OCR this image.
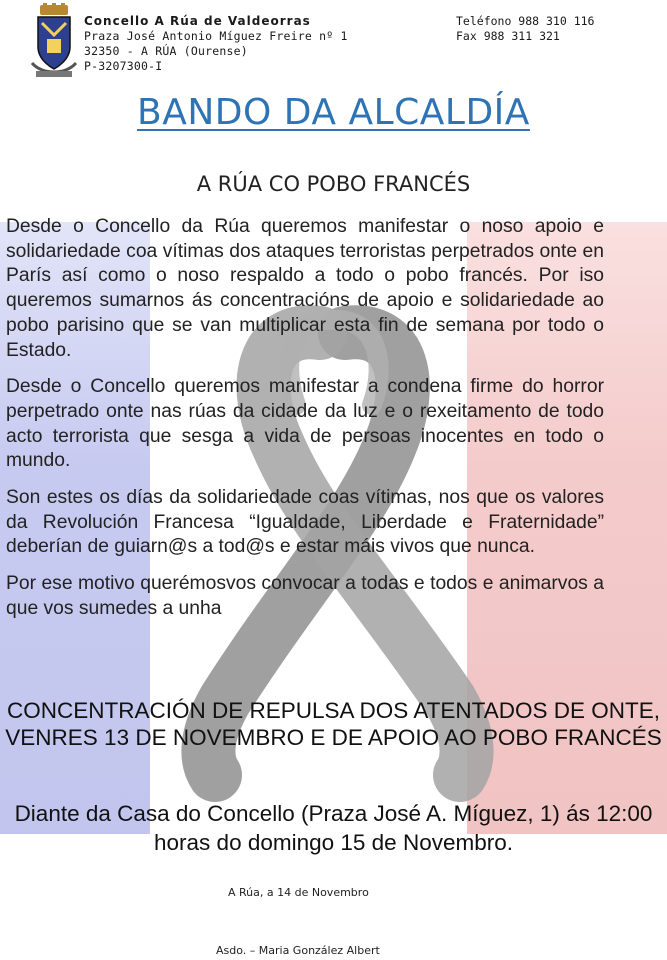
Concello A Rúa de Valdeorras
Praza José Antonio Míguez Freire nº 1
32350 - A RÚA (Ourense)
P-3207300-I
Teléfono 988 310 116
Fax 988 311 321
BANDO DA ALCALDÍA
A RÚA CO POBO FRANCÉS

Desde o Concello da Rúa queremos manifestar o noso apoio e solidariedade coa vítimas dos ataques terroristas perpetrados onte en París así como o noso respaldo a todo o pobo francés. Por iso queremos sumarnos ás concentracións de apoio e solidariedade ao pobo parisino que se van multiplicar esta fin de semana por todo o Estado.

Desde o Concello queremos manifestar a condena firme do horror perpetrado onte nas rúas da cidade da luz e o rexeitamento de todo acto terrorista que sesga a vida de persoas inocentes en todo o mundo.

Son estes os días da solidariedade coas vítimas, nos que os valores da Revolución Francesa “Igualdade, Liberdade e Fraternidade” deberían de guiarn@s a tod@s e estar máis vivos que nunca.

Por ese motivo querémosvos convocar a todas e todos e animarvos a que vos sumedes a unha

CONCENTRACIÓN DE REPULSA DOS ATENTADOS DE ONTE, VENRES 13 DE NOVEMBRO E DE APOIO AO POBO FRANCÉS
Diante da Casa do Concello (Praza José A. Míguez, 1) ás 12:00 horas do domingo 15 de Novembro.
A Rúa, a 14 de Novembro
Asdo. – Maria González Albert
